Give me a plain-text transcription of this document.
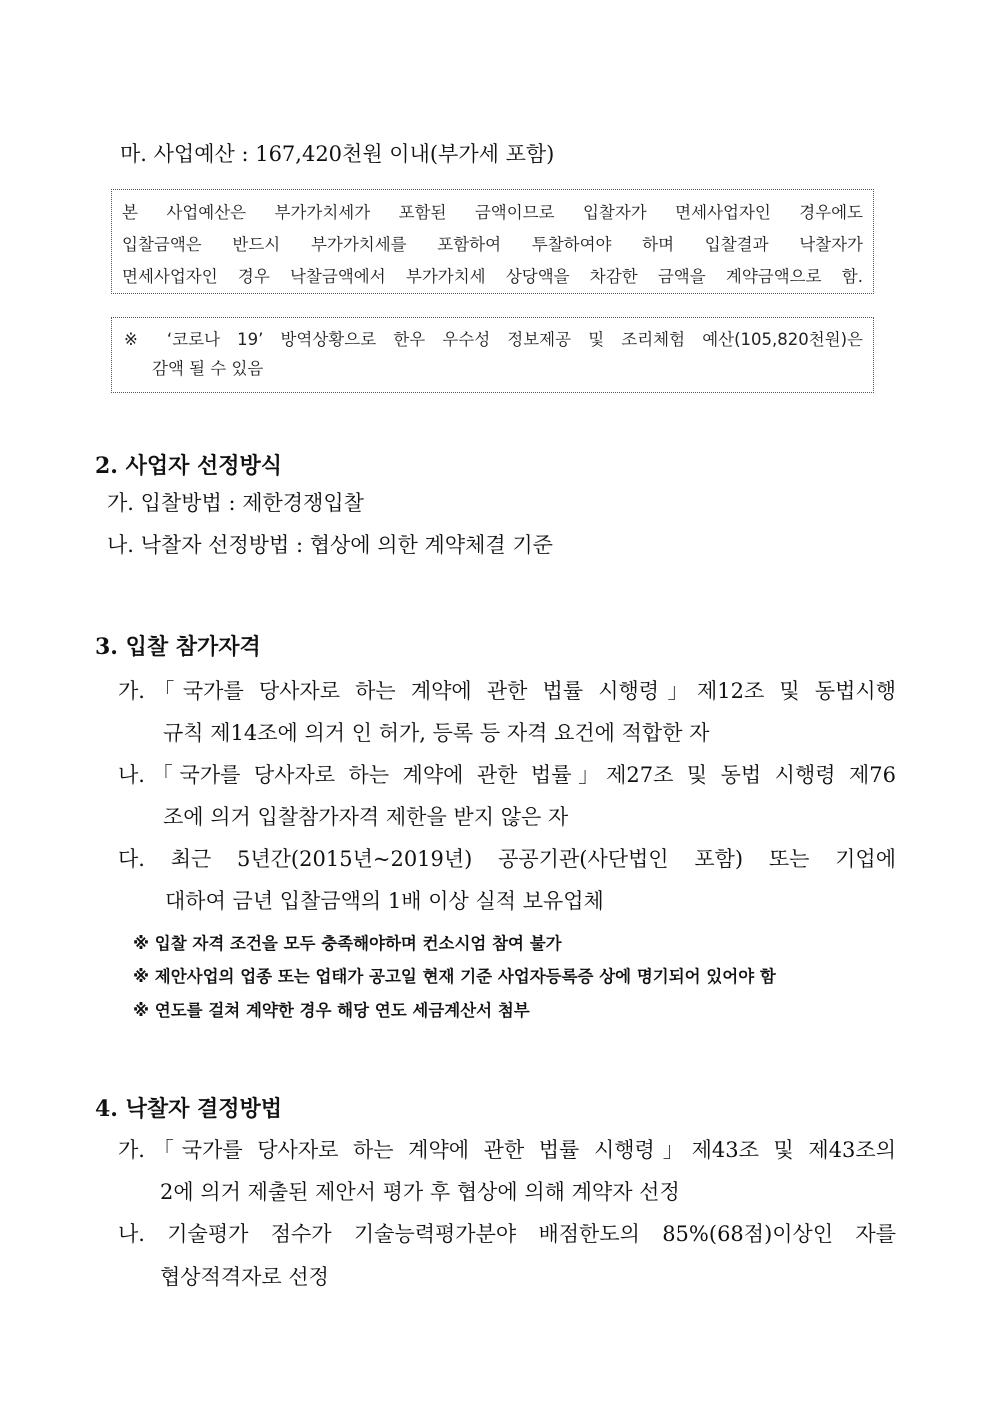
마. 사업예산 : 167,420천원 이내(부가세 포함)

본 사업예산은 부가가치세가 포함된 금액이므로 입찰자가 면세사업자인 경우에도

입찰금액은 반드시 부가가치세를 포함하여 투찰하여야 하며 입찰결과 낙찰자가

면세사업자인 경우 낙찰금액에서 부가가치세 상당액을 차감한 금액을 계약금액으로 함.

※ ‘코로나 19’ 방역상황으로 한우 우수성 정보제공 및 조리체험 예산(105,820천원)은

감액 될 수 있음

2. 사업자 선정방식
가. 입찰방법 : 제한경쟁입찰
나. 낙찰자 선정방법 : 협상에 의한 계약체결 기준
3. 입찰 참가자격
가.「국가를 당사자로 하는 계약에 관한 법률 시행령」제12조 및 동법시행
규칙 제14조에 의거 인 허가, 등록 등 자격 요건에 적합한 자
나.「국가를 당사자로 하는 계약에 관한 법률」제27조 및 동법 시행령 제76
조에 의거 입찰참가자격 제한을 받지 않은 자
다. 최근 5년간(2015년~2019년) 공공기관(사단법인 포함) 또는 기업에
대하여 금년 입찰금액의 1배 이상 실적 보유업체
※ 입찰 자격 조건을 모두 충족해야하며 컨소시엄 참여 불가
※ 제안사업의 업종 또는 업태가 공고일 현재 기준 사업자등록증 상에 명기되어 있어야 함
※ 연도를 걸쳐 계약한 경우 해당 연도 세금계산서 첨부
4. 낙찰자 결정방법
가.「국가를 당사자로 하는 계약에 관한 법률 시행령」제43조 및 제43조의
2에 의거 제출된 제안서 평가 후 협상에 의해 계약자 선정
나. 기술평가 점수가 기술능력평가분야 배점한도의 85%(68점)이상인 자를
협상적격자로 선정
